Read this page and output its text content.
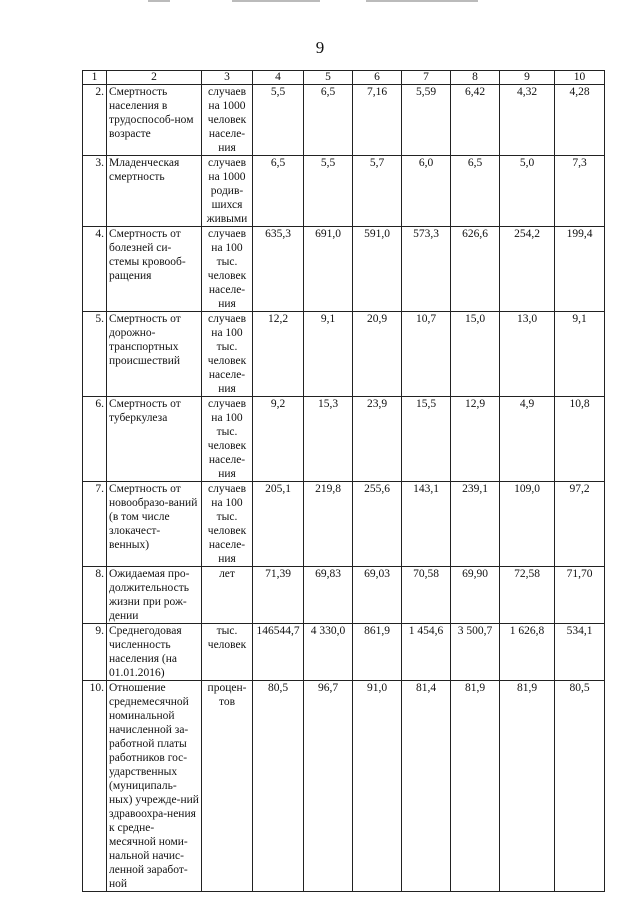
9
1	2	3	4	5	6	7	8	9	10
2.	Смертность населения в трудоспособ-ном возрасте	случаев на 1000 человек населе-ния	5,5	6,5	7,16	5,59	6,42	4,32	4,28
3.	Младенческая смертность	случаев на 1000 родив-шихся живыми	6,5	5,5	5,7	6,0	6,5	5,0	7,3
4.	Смертность от болезней си-стемы кровооб-ращения	случаев на 100 тыс. человек населе-ния	635,3	691,0	591,0	573,3	626,6	254,2	199,4
5.	Смертность от дорожно-транспортных происшествий	случаев на 100 тыс. человек населе-ния	12,2	9,1	20,9	10,7	15,0	13,0	9,1
6.	Смертность от туберкулеза	случаев на 100 тыс. человек населе-ния	9,2	15,3	23,9	15,5	12,9	4,9	10,8
7.	Смертность от новообразо-ваний (в том числе злокачест-венных)	случаев на 100 тыс. человек населе-ния	205,1	219,8	255,6	143,1	239,1	109,0	97,2
8.	Ожидаемая про-должительность жизни при рож-дении	лет	71,39	69,83	69,03	70,58	69,90	72,58	71,70
9.	Среднегодовая численность населения (на 01.01.2016)	тыс. человек	146544,7	4 330,0	861,9	1 454,6	3 500,7	1 626,8	534,1
10.	Отношение среднемесячной номинальной начисленной за-работной платы работников гос-ударственных (муниципаль-ных) учрежде-ний здравоохра-нения к средне-месячной номи-нальной начис-ленной заработ-ной	процен-тов	80,5	96,7	91,0	81,4	81,9	81,9	80,5
